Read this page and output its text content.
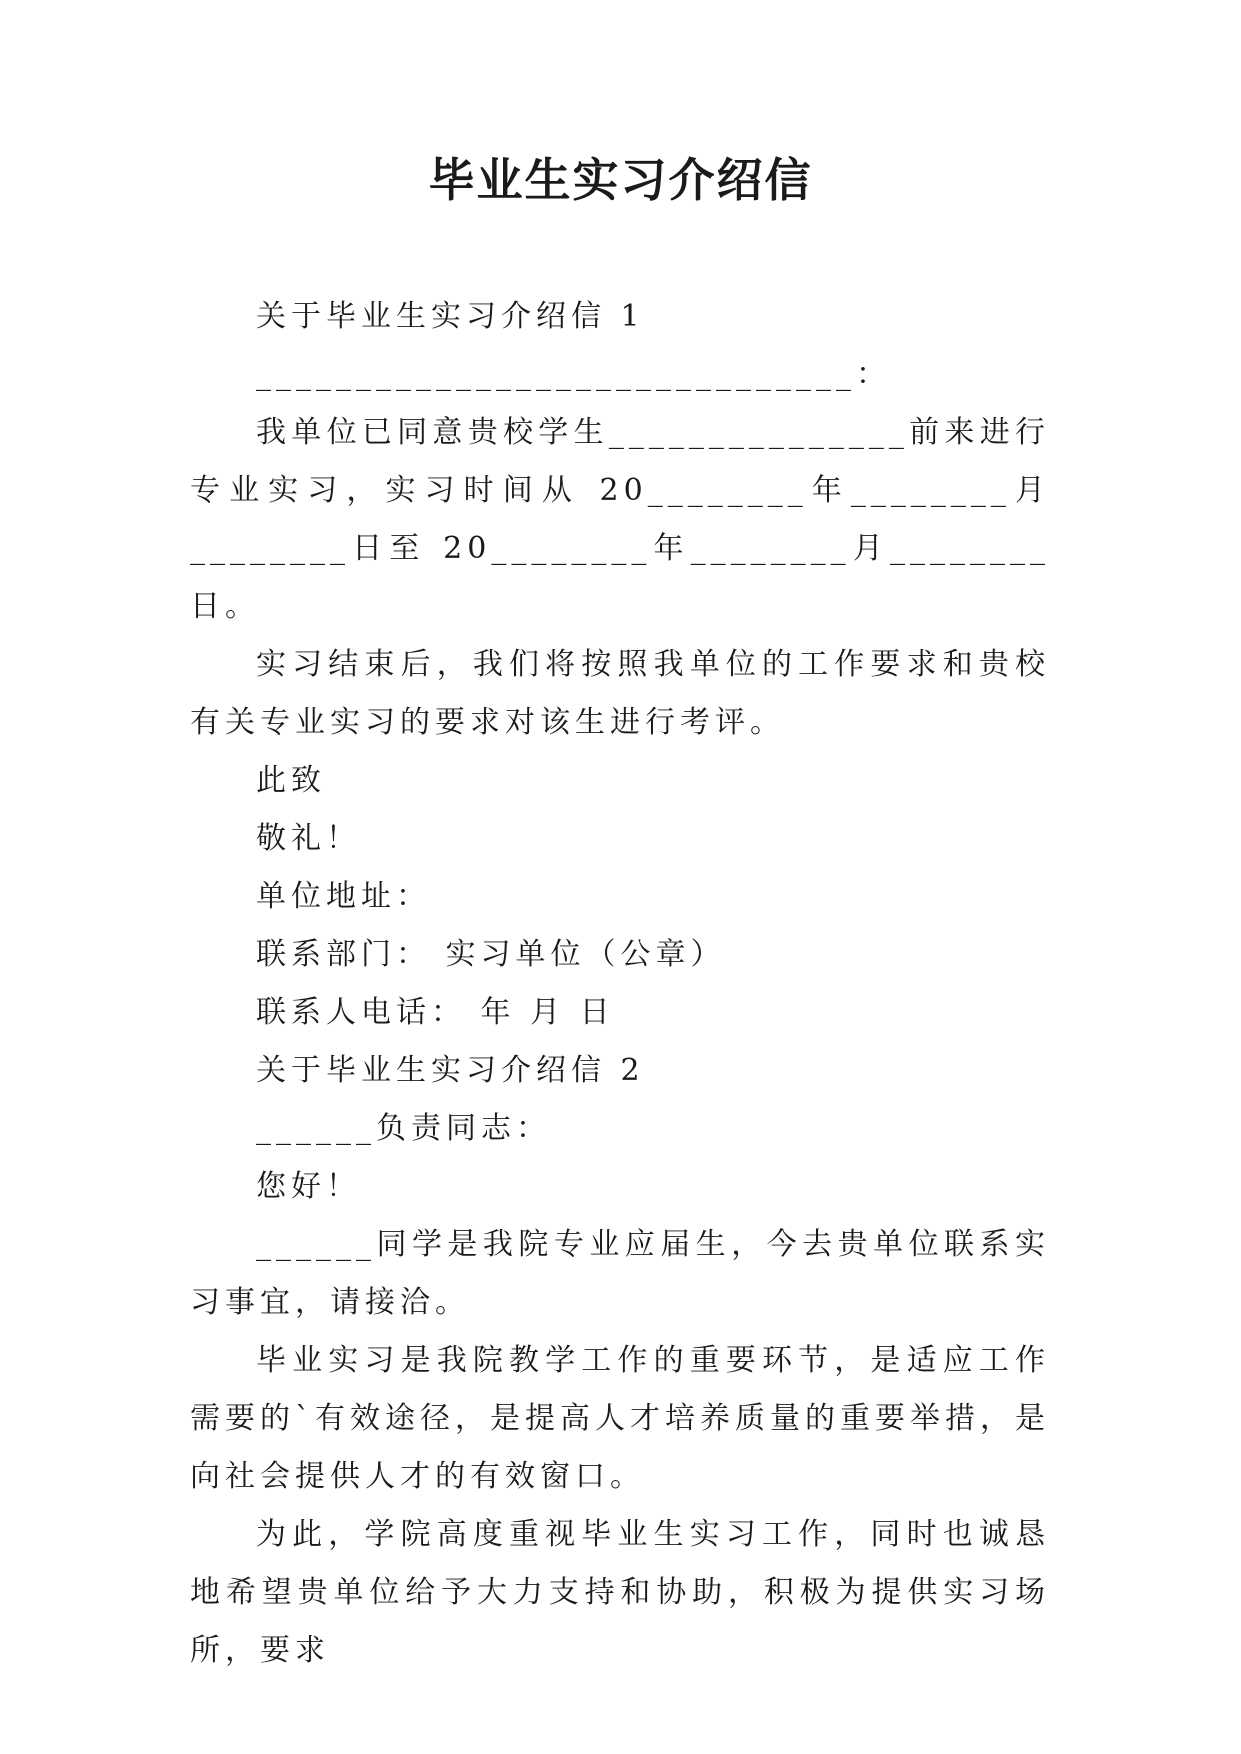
毕业生实习介绍信

关于毕业生实习介绍信 1

______________________________：

我单位已同意贵校学生_______________前来进行专业实习，实习时间从 20________年________月________日至 20________年________月________日。

实习结束后，我们将按照我单位的工作要求和贵校有关专业实习的要求对该生进行考评。

此致

敬礼！

单位地址：

联系部门： 实习单位（公章）

联系人电话： 年 月 日

关于毕业生实习介绍信 2

______负责同志：

您好！

______同学是我院专业应届生，今去贵单位联系实习事宜，请接洽。

毕业实习是我院教学工作的重要环节，是适应工作需要的`有效途径，是提高人才培养质量的重要举措，是向社会提供人才的有效窗口。

为此，学院高度重视毕业生实习工作，同时也诚恳地希望贵单位给予大力支持和协助，积极为提供实习场所，要求
